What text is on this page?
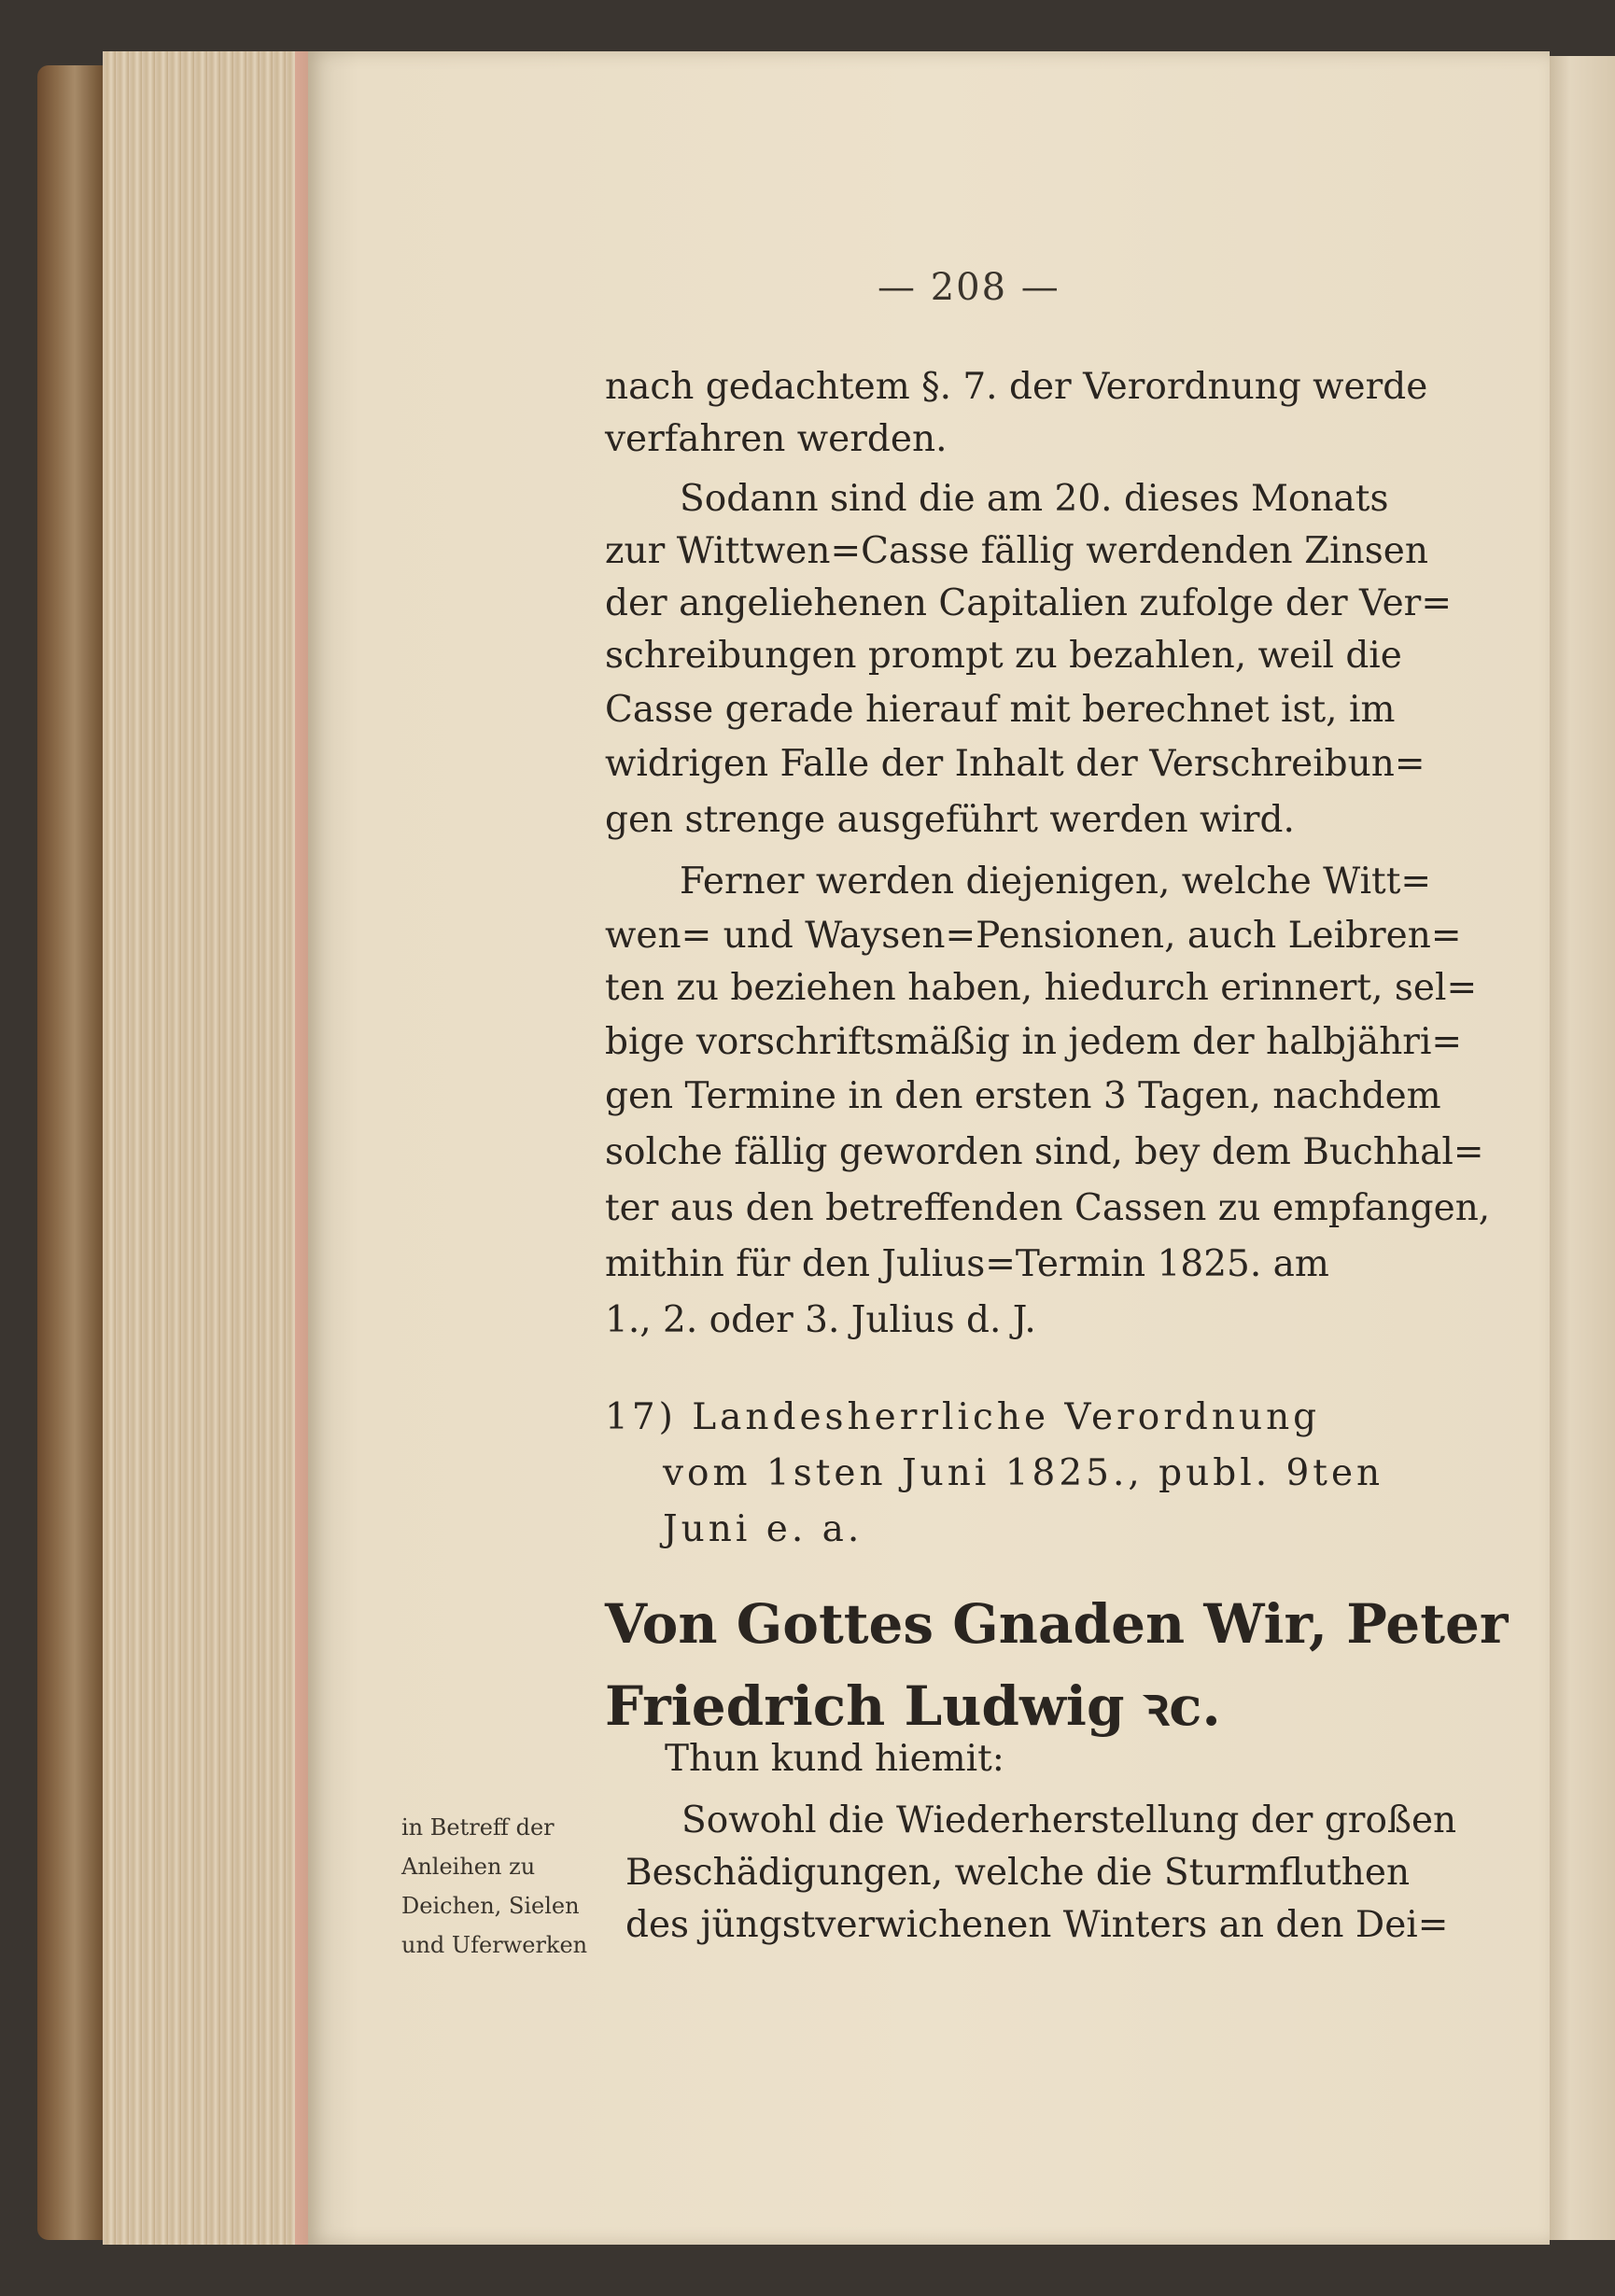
— 208 —
nach gedachtem §. 7. der Verordnung werde
verfahren werden.
Sodann sind die am 20. dieses Monats
zur Wittwen=Casse fällig werdenden Zinsen
der angeliehenen Capitalien zufolge der Ver=
schreibungen prompt zu bezahlen, weil die
Casse gerade hierauf mit berechnet ist, im
widrigen Falle der Inhalt der Verschreibun=
gen strenge ausgeführt werden wird.
Ferner werden diejenigen, welche Witt=
wen= und Waysen=Pensionen, auch Leibren=
ten zu beziehen haben, hiedurch erinnert, sel=
bige vorschriftsmäßig in jedem der halbjähri=
gen Termine in den ersten 3 Tagen, nachdem
solche fällig geworden sind, bey dem Buchhal=
ter aus den betreffenden Cassen zu empfangen,
mithin für den Julius=Termin 1825. am
1., 2. oder 3. Julius d. J.
17) Landesherrliche Verordnung
vom 1sten Juni 1825., publ. 9ten
Juni e. a.
Von Gottes Gnaden Wir, Peter
Friedrich Ludwig ꝛc.
Thun kund hiemit:
Sowohl die Wiederherstellung der großen
Beschädigungen, welche die Sturmfluthen
des jüngstverwichenen Winters an den Dei=
in Betreff der
Anleihen zu
Deichen, Sielen
und Uferwerken
